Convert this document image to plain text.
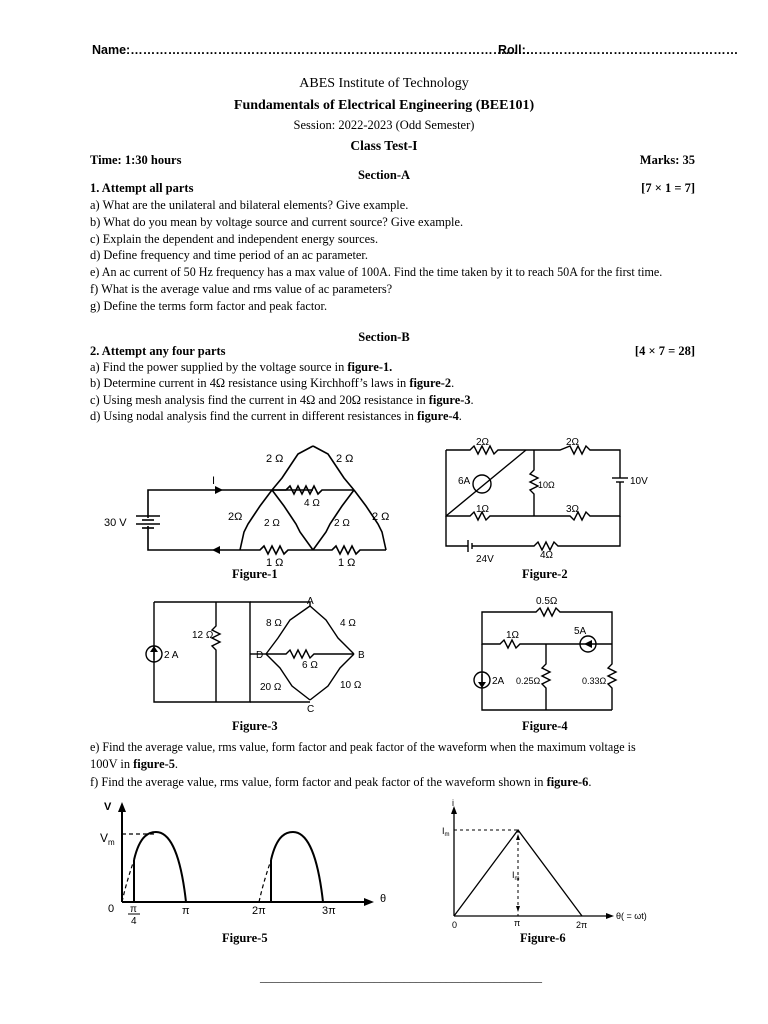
Name:……………………………………………………………………………………
Roll:……………………………………………
ABES Institute of Technology
Fundamentals of Electrical Engineering (BEE101)
Session: 2022-2023 (Odd Semester)
Class Test-I
Time: 1:30 hours	Marks: 35
Section-A
1. Attempt all parts	[7 × 1 = 7]
a) What are the unilateral and bilateral elements? Give example.
b) What do you mean by voltage source and current source? Give example.
c) Explain the dependent and independent energy sources.
d) Define frequency and time period of an ac parameter.
e) An ac current of 50 Hz frequency has a max value of 100A. Find the time taken by it to reach 50A for the first time.
f) What is the average value and rms value of ac parameters?
g) Define the terms form factor and peak factor.
Section-B
2. Attempt any four parts	[4 × 7 = 28]
a) Find the power supplied by the voltage source in figure-1.
b) Determine current in 4Ω resistance using Kirchhoff’s laws in figure-2.
c) Using mesh analysis find the current in 4Ω and 20Ω resistance in figure-3.
d) Using nodal analysis find the current in different resistances in figure-4.
30 V
I
2 Ω	2 Ω
4 Ω
2Ω
2 Ω	2 Ω
2 Ω
1 Ω	1 Ω
Figure-1
6A
2Ω	2Ω
10Ω	10V
1Ω	3Ω
24V	4Ω
Figure-2
2 A
12 Ω
A
B
C
D
8 Ω	4 Ω
6 Ω
20 Ω	10 Ω
Figure-3
0.5Ω
1Ω	5A
2A 0.25Ω	0.33Ω
Figure-4
e) Find the average value, rms value, form factor and peak factor of the waveform when the maximum voltage is
100V in figure-5.
f) Find the average value, rms value, form factor and peak factor of the waveform shown in figure-6.
V
$V_m$
0 π
4
π	2π	3π
θ
Figure-5
i
$I_m$
$I_m$
0	π	2π
θ( = ωt)
Figure-6
_______________________________________________
